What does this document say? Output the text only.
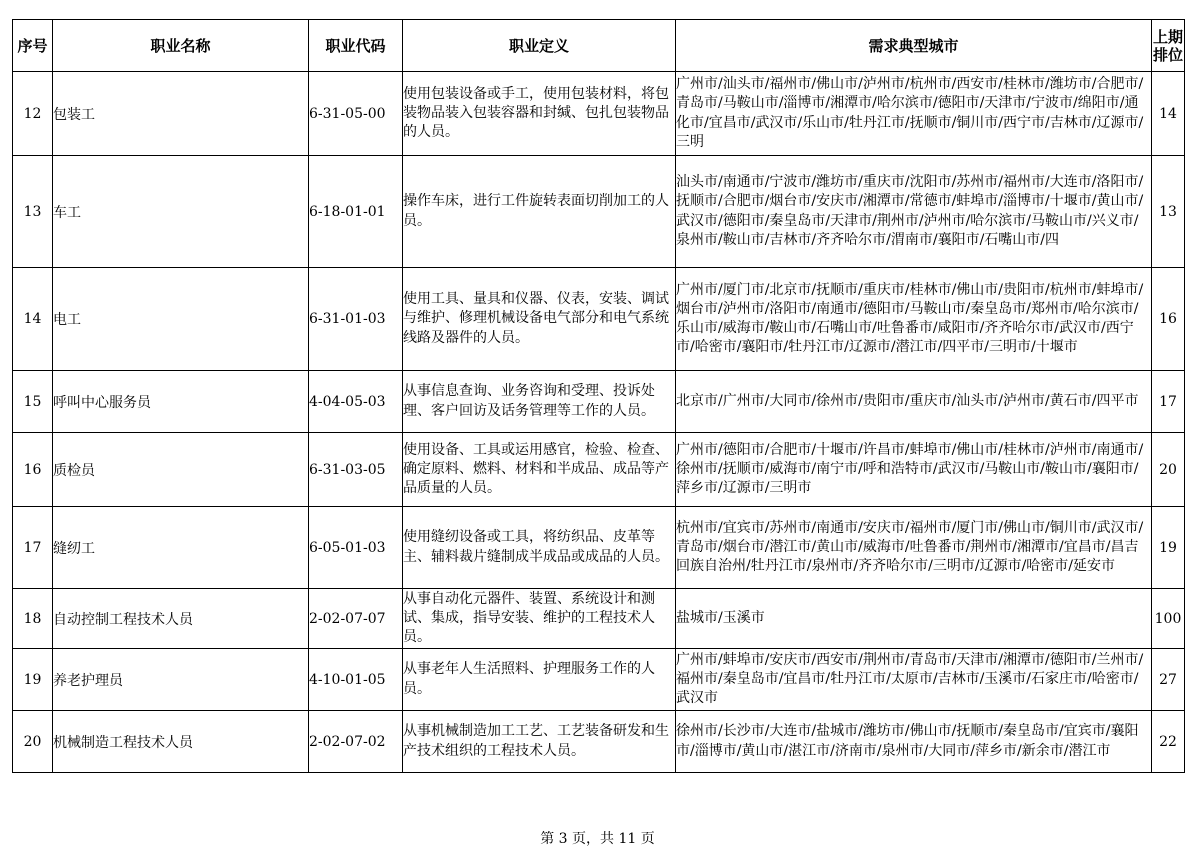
序号	职业名称	职业代码	职业定义	需求典型城市	上期排位
12	包装工	6-31-05-00	使用包装设备或手工，使用包装材料，将包装物品装入包装容器和封缄、包扎包装物品的人员。	广州市/汕头市/福州市/佛山市/泸州市/杭州市/西安市/桂林市/潍坊市/合肥市/青岛市/马鞍山市/淄博市/湘潭市/哈尔滨市/德阳市/天津市/宁波市/绵阳市/通化市/宜昌市/武汉市/乐山市/牡丹江市/抚顺市/铜川市/西宁市/吉林市/辽源市/三明	14
13	车工	6-18-01-01	操作车床，进行工件旋转表面切削加工的人员。	汕头市/南通市/宁波市/潍坊市/重庆市/沈阳市/苏州市/福州市/大连市/洛阳市/抚顺市/合肥市/烟台市/安庆市/湘潭市/常德市/蚌埠市/淄博市/十堰市/黄山市/武汉市/德阳市/秦皇岛市/天津市/荆州市/泸州市/哈尔滨市/马鞍山市/兴义市/泉州市/鞍山市/吉林市/齐齐哈尔市/渭南市/襄阳市/石嘴山市/四	13
14	电工	6-31-01-03	使用工具、量具和仪器、仪表，安装、调试与维护、修理机械设备电气部分和电气系统线路及器件的人员。	广州市/厦门市/北京市/抚顺市/重庆市/桂林市/佛山市/贵阳市/杭州市/蚌埠市/烟台市/泸州市/洛阳市/南通市/德阳市/马鞍山市/秦皇岛市/郑州市/哈尔滨市/乐山市/威海市/鞍山市/石嘴山市/吐鲁番市/咸阳市/齐齐哈尔市/武汉市/西宁市/哈密市/襄阳市/牡丹江市/辽源市/潜江市/四平市/三明市/十堰市	16
15	呼叫中心服务员	4-04-05-03	从事信息查询、业务咨询和受理、投诉处理、客户回访及话务管理等工作的人员。	北京市/广州市/大同市/徐州市/贵阳市/重庆市/汕头市/泸州市/黄石市/四平市	17
16	质检员	6-31-03-05	使用设备、工具或运用感官，检验、检查、确定原料、燃料、材料和半成品、成品等产品质量的人员。	广州市/德阳市/合肥市/十堰市/许昌市/蚌埠市/佛山市/桂林市/泸州市/南通市/徐州市/抚顺市/威海市/南宁市/呼和浩特市/武汉市/马鞍山市/鞍山市/襄阳市/萍乡市/辽源市/三明市	20
17	缝纫工	6-05-01-03	使用缝纫设备或工具，将纺织品、皮革等主、辅料裁片缝制成半成品或成品的人员。	杭州市/宜宾市/苏州市/南通市/安庆市/福州市/厦门市/佛山市/铜川市/武汉市/青岛市/烟台市/潜江市/黄山市/威海市/吐鲁番市/荆州市/湘潭市/宜昌市/昌吉回族自治州/牡丹江市/泉州市/齐齐哈尔市/三明市/辽源市/哈密市/延安市	19
18	自动控制工程技术人员	2-02-07-07	从事自动化元器件、装置、系统设计和测试、集成，指导安装、维护的工程技术人员。	盐城市/玉溪市	100
19	养老护理员	4-10-01-05	从事老年人生活照料、护理服务工作的人员。	广州市/蚌埠市/安庆市/西安市/荆州市/青岛市/天津市/湘潭市/德阳市/兰州市/福州市/秦皇岛市/宜昌市/牡丹江市/太原市/吉林市/玉溪市/石家庄市/哈密市/武汉市	27
20	机械制造工程技术人员	2-02-07-02	从事机械制造加工工艺、工艺装备研发和生产技术组织的工程技术人员。	徐州市/长沙市/大连市/盐城市/潍坊市/佛山市/抚顺市/秦皇岛市/宜宾市/襄阳市/淄博市/黄山市/湛江市/济南市/泉州市/大同市/萍乡市/新余市/潜江市	22
第 3 页，共 11 页
